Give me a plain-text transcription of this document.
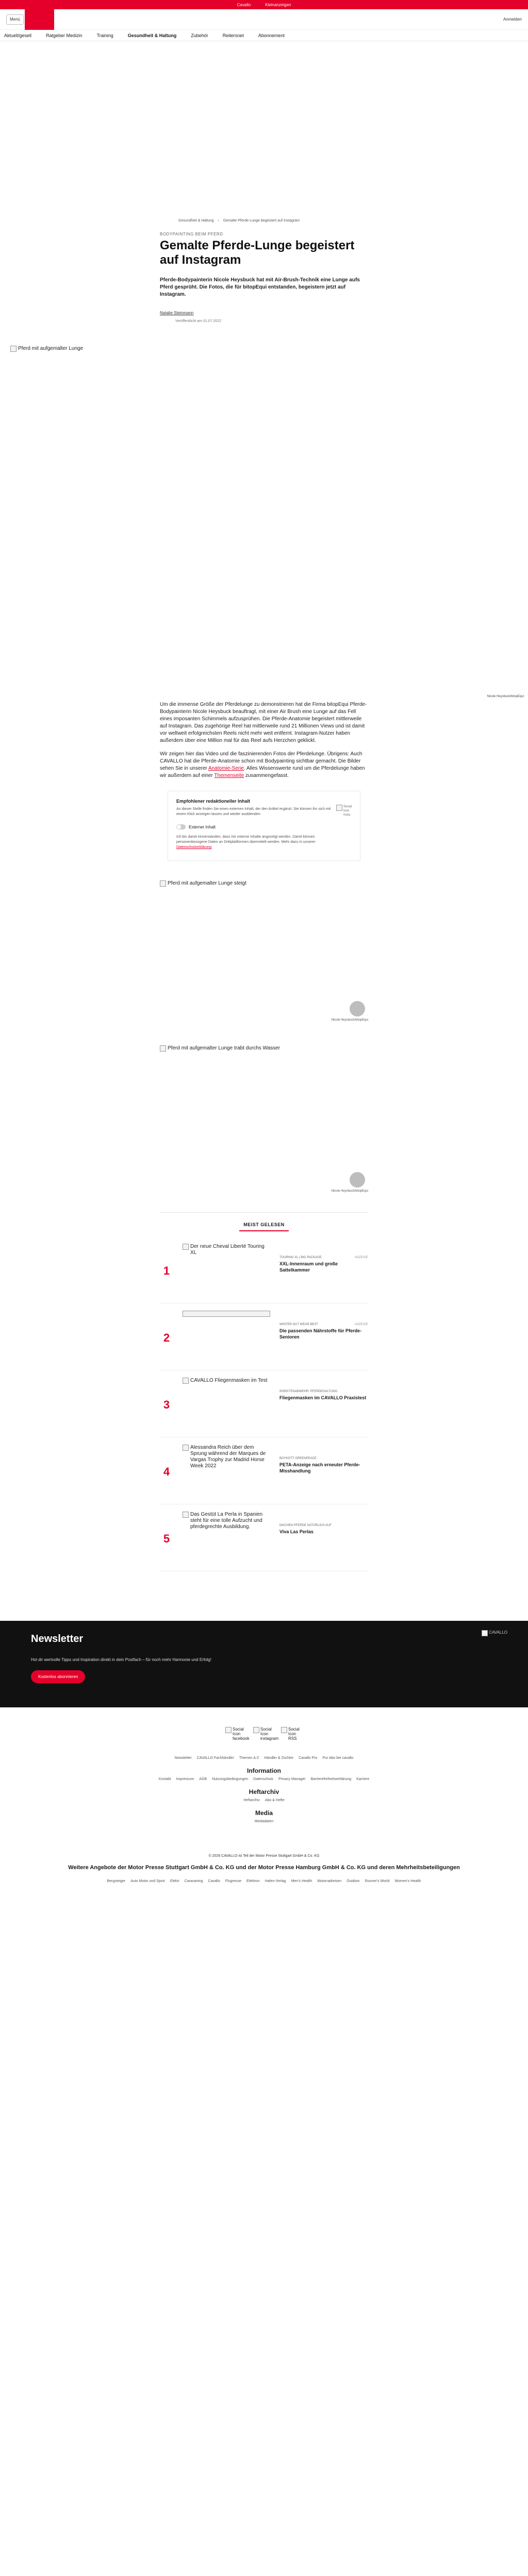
Cavallo	Kleinanzeigen
Menü	Anmelden
Aktuell/gesell	Ratgeber Medizin	Training	Gesundheit & Haltung	Zubehör	Reitersnet	Abonnement
Gesundheit & Haltung › Gemalte Pferde-Lunge begeistert auf Instagram
BODYPAINTING BEIM PFERD
Gemalte Pferde-Lunge begeistert auf Instagram

Pferde-Bodypainterin Nicole Heysbuck hat mit Air-Brush-Technik eine Lunge aufs Pferd gesprüht. Die Fotos, die für bitopEqui entstanden, begeistern jetzt auf Instagram.

Natalie Steinmann
Veröffentlicht am 01.07.2022
Pferd mit aufgemalter Lunge
Nicole Heysbuck/bitopEqui

Um die immense Größe der Pferdelunge zu demonstrieren hat die Firma bitopEqui Pferde-Bodypainterin Nicole Heysbuck beauftragt, mit einer Air Brush eine Lunge auf das Fell eines imposanten Schimmels aufzusprühen. Die Pferde-Anatomie begeistert mittlerweile auf Instagram. Das zugehörige Reel hat mittlerweile rund 21 Millionen Views und ist damit vor weltweit erfolgreichsten Reels nicht mehr weit entfernt. Instagram-Nutzer haben außerdem über eine Million mal für das Reel aufs Herzchen geklickt.

Wir zeigen hier das Video und die faszinierenden Fotos der Pferdelunge. Übrigens: Auch CAVALLO hat die Pferde-Anatomie schon mit Bodypainting sichtbar gemacht. Die Bilder sehen Sie in unserer Anatomie-Serie. Alles Wissenswerte rund um die Pferdelunge haben wir außerdem auf einer Themenseite zusammengefasst.

Empfohlener redaktioneller Inhalt

An dieser Stelle finden Sie einen externen Inhalt, der den Artikel ergänzt. Sie können ihn sich mit einem Klick anzeigen lassen und wieder ausblenden.

Social Icon Insta
Externer Inhalt

Ich bin damit einverstanden, dass mir externe Inhalte angezeigt werden. Damit können personenbezogene Daten an Drittplattformen übermittelt werden. Mehr dazu in unserer Datenschutzerklärung

Pferd mit aufgemalter Lunge steigt
Nicole Heysbuck/bitopEqui
Pferd mit aufgemalter Lunge trabt durchs Wasser
Nicole Heysbuck/bitopEqui
MEIST GELESEN
1
Der neue Cheval Liberté Touring XL
TOURING XL | BIG PACKAGE	ANZEIGE
XXL-Innenraum und große Sattelkammer
2
WINTER OUT WEAR BEST	ANZEIGE
Die passenden Nährstoffe für Pferde-Senioren
3
CAVALLO Fliegenmasken im Test
INSEKTENABWEHR: PFERDEHALTUNG
Fliegenmasken im CAVALLO Praxistest
4
Alessandra Reich über dem Sprung während der Marques de Vargas Trophy zur Madrid Horse Week 2022
BOYKOTT GREENPEACE
PETA-Anzeige nach erneuter Pferde-Misshandlung
5
Das Gestüt La Perla in Spanien steht für eine tolle Aufzucht und pferdegrechte Ausbildung.	MACHEN PFERDE NATÜRLICH AUF
Viva Las Perlas
Newsletter

Hol dir wertvolle Tipps und Inspiration direkt in dein Postfach – für noch mehr Harmonie und Erfolg!

Kostenlos abonnieren
CAVALLO
Social Icon facebook
Social Icon instagram
Social Icon RSS
Newsletter CAVALLO Fachhändler Themen A-Z Händler & Züchter Cavallo Pro Pur Abo bei cavallo
Information
Kontakt Impressum AGB Nutzungsbedingungen Datenschutz Privacy Manager Barrierefreiheitserklärung Karriere
Heftarchiv
Heftarchiv Abo & Hefte
Media
Mediadaten
© 2026 CAVALLO ist Teil der Motor Presse Stuttgart GmbH & Co. KG
Weitere Angebote der Motor Presse Stuttgart GmbH & Co. KG und der Motor Presse Hamburg GmbH & Co. KG und deren Mehrheitsbeteiligungen
Bergsteiger Auto Motor und Sport Elektr Caravaning Cavallo Flugrevue Elektron Hafen-Verlag Men's Health Motorradreisen Outdoor Runner's World Women's Health
